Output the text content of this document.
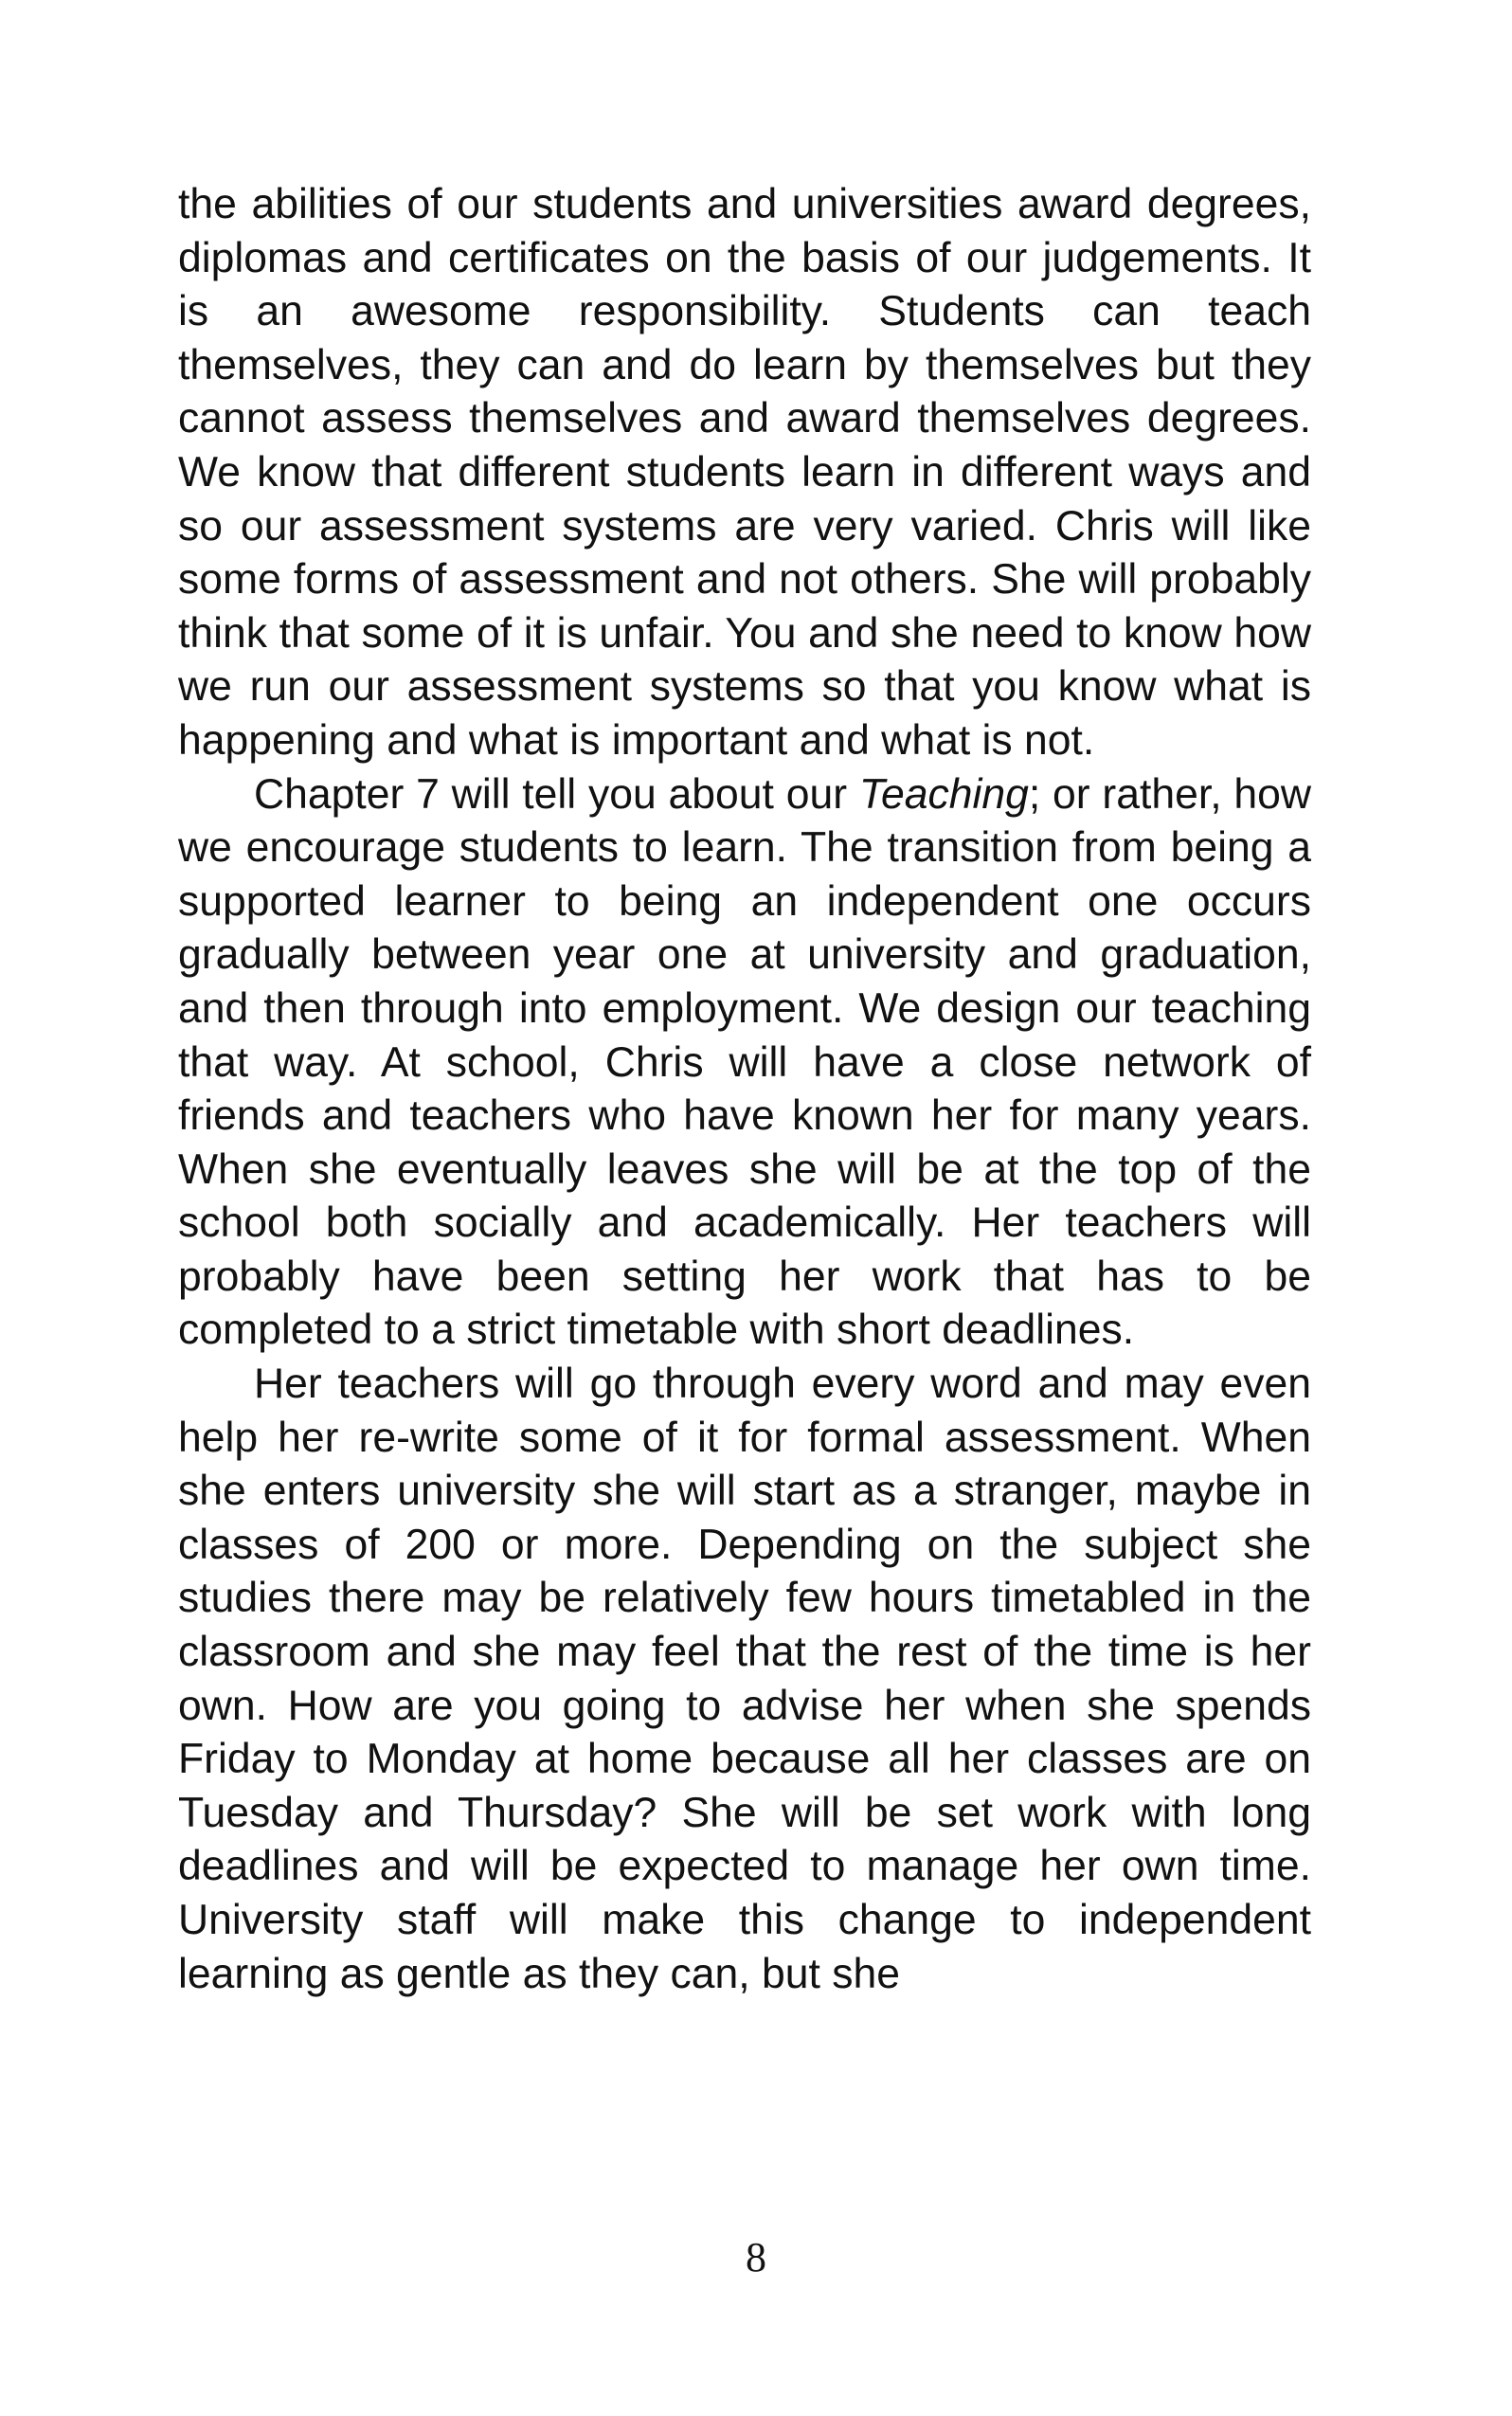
the abilities of our students and universities award degrees, diplomas and certificates on the basis of our judgements. It is an awesome responsibility. Students can teach themselves, they can and do learn by themselves but they cannot assess themselves and award themselves degrees. We know that different students learn in different ways and so our assessment systems are very varied. Chris will like some forms of assessment and not others. She will probably think that some of it is unfair. You and she need to know how we run our assessment systems so that you know what is happening and what is important and what is not.

Chapter 7 will tell you about our Teaching; or rather, how we encourage students to learn. The transition from being a supported learner to being an independent one occurs gradually between year one at university and graduation, and then through into employment. We design our teaching that way. At school, Chris will have a close network of friends and teachers who have known her for many years. When she eventually leaves she will be at the top of the school both socially and academically. Her teachers will probably have been setting her work that has to be completed to a strict timetable with short deadlines.

Her teachers will go through every word and may even help her re-write some of it for formal assessment. When she enters university she will start as a stranger, maybe in classes of 200 or more. Depending on the subject she studies there may be relatively few hours timetabled in the classroom and she may feel that the rest of the time is her own. How are you going to advise her when she spends Friday to Monday at home because all her classes are on Tuesday and Thursday? She will be set work with long deadlines and will be expected to manage her own time. University staff will make this change to independent learning as gentle as they can, but she

8
